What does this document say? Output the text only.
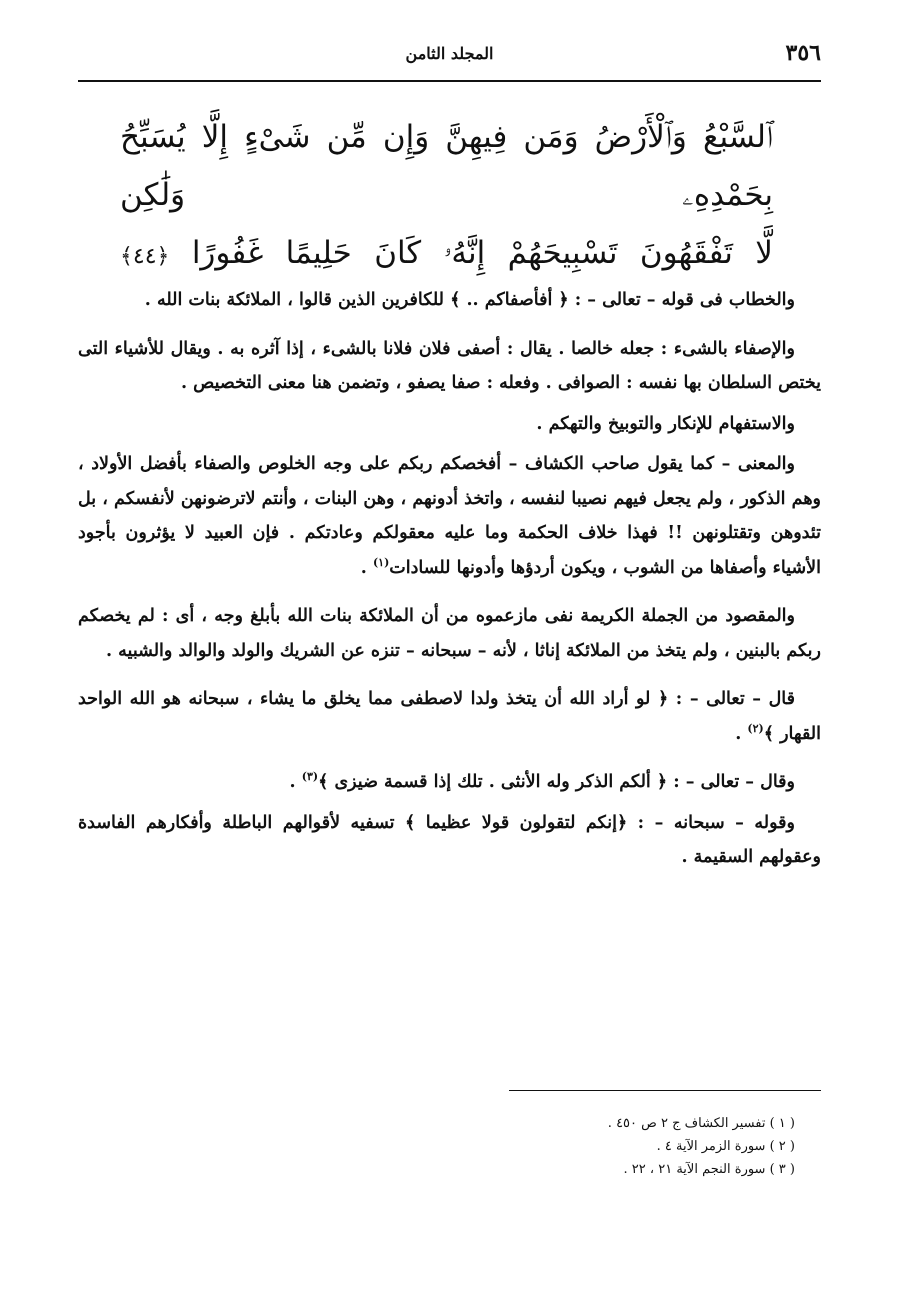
٣٥٦
المجلد الثامن
ٱلسَّبْعُ وَٱلْأَرْضُ وَمَن فِيهِنَّ وَإِن مِّن شَىْءٍ إِلَّا يُسَبِّحُ بِحَمْدِهِۦ وَلَٰكِن
لَّا تَفْقَهُونَ تَسْبِيحَهُمْ إِنَّهُۥ كَانَ حَلِيمًا غَفُورًا ﴿٤٤﴾

والخطاب فى قوله – تعالى – : ﴿ أفأصفاكم .. ﴾ للكافرين الذين قالوا ، الملائكة بنات الله .

والإصفاء بالشىء : جعله خالصا . يقال : أصفى فلان فلانا بالشىء ، إذا آثره به . ويقال للأشياء التى يختص السلطان بها نفسه : الصوافى . وفعله : صفا يصفو ، وتضمن هنا معنى التخصيص .

والاستفهام للإنكار والتوبيخ والتهكم .

والمعنى – كما يقول صاحب الكشاف – أفخصكم ربكم على وجه الخلوص والصفاء بأفضل الأولاد ، وهم الذكور ، ولم يجعل فيهم نصيبا لنفسه ، واتخذ أدونهم ، وهن البنات ، وأنتم لاترضونهن لأنفسكم ، بل تئدوهن وتقتلونهن !! فهذا خلاف الحكمة وما عليه معقولكم وعادتكم . فإن العبيد لا يؤثرون بأجود الأشياء وأصفاها من الشوب ، ويكون أردؤها وأدونها للسادات$^{(١)}$ .

والمقصود من الجملة الكريمة نفى مازعموه من أن الملائكة بنات الله بأبلغ وجه ، أى : لم يخصكم ربكم بالبنين ، ولم يتخذ من الملائكة إناثا ، لأنه – سبحانه – تنزه عن الشريك والولد والوالد والشبيه .

قال – تعالى – : ﴿ لو أراد الله أن يتخذ ولدا لاصطفى مما يخلق ما يشاء ، سبحانه هو الله الواحد القهار ﴾$^{(٢)}$ .

وقال – تعالى – : ﴿ ألكم الذكر وله الأنثى . تلك إذا قسمة ضيزى ﴾$^{(٣)}$ .

وقوله – سبحانه – : ﴿إنكم لتقولون قولا عظيما ﴾ تسفيه لأقوالهم الباطلة وأفكارهم الفاسدة وعقولهم السقيمة .

( ١ ) تفسير الكشاف ج ٢ ص ٤٥٠ .
( ٢ ) سورة الزمر الآية ٤ .
( ٣ ) سورة النجم الآية ٢١ ، ٢٢ .
